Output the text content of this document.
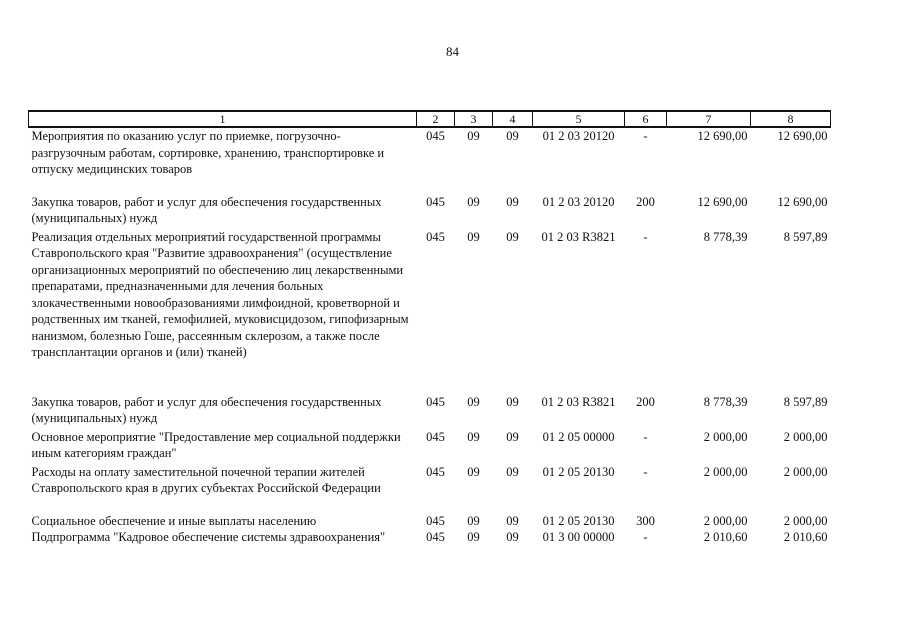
84
1	2	3	4	5	6	7	8
Мероприятия по оказанию услуг по приемке, погрузочно-разгрузочным работам, сортировке, хранению, транспортировке и отпуску медицинских товаров	045	09	09	01 2 03 20120	-	12 690,00	12 690,00
Закупка товаров, работ и услуг для обеспечения государственных (муниципальных) нужд	045	09	09	01 2 03 20120	200	12 690,00	12 690,00
Реализация отдельных мероприятий государственной программы Ставропольского края "Развитие здравоохранения" (осуществление организационных мероприятий по обеспечению лиц лекарственными препаратами, предназначенными для лечения больных злокачественными новообразованиями лимфоидной, кроветворной и родственных им тканей, гемофилией, муковисцидозом, гипофизарным нанизмом, болезнью Гоше, рассеянным склерозом, а также после трансплантации органов и (или) тканей)	045	09	09	01 2 03 R3821	-	8 778,39	8 597,89
Закупка товаров, работ и услуг для обеспечения государственных (муниципальных) нужд	045	09	09	01 2 03 R3821	200	8 778,39	8 597,89
Основное мероприятие "Предоставление мер социальной поддержки иным категориям граждан"	045	09	09	01 2 05 00000	-	2 000,00	2 000,00
Расходы на оплату заместительной почечной терапии жителей Ставропольского края в других субъектах Российской Федерации	045	09	09	01 2 05 20130	-	2 000,00	2 000,00
Социальное обеспечение и иные выплаты населению	045	09	09	01 2 05 20130	300	2 000,00	2 000,00
Подпрограмма "Кадровое обеспечение системы здравоохранения"	045	09	09	01 3 00 00000	-	2 010,60	2 010,60
